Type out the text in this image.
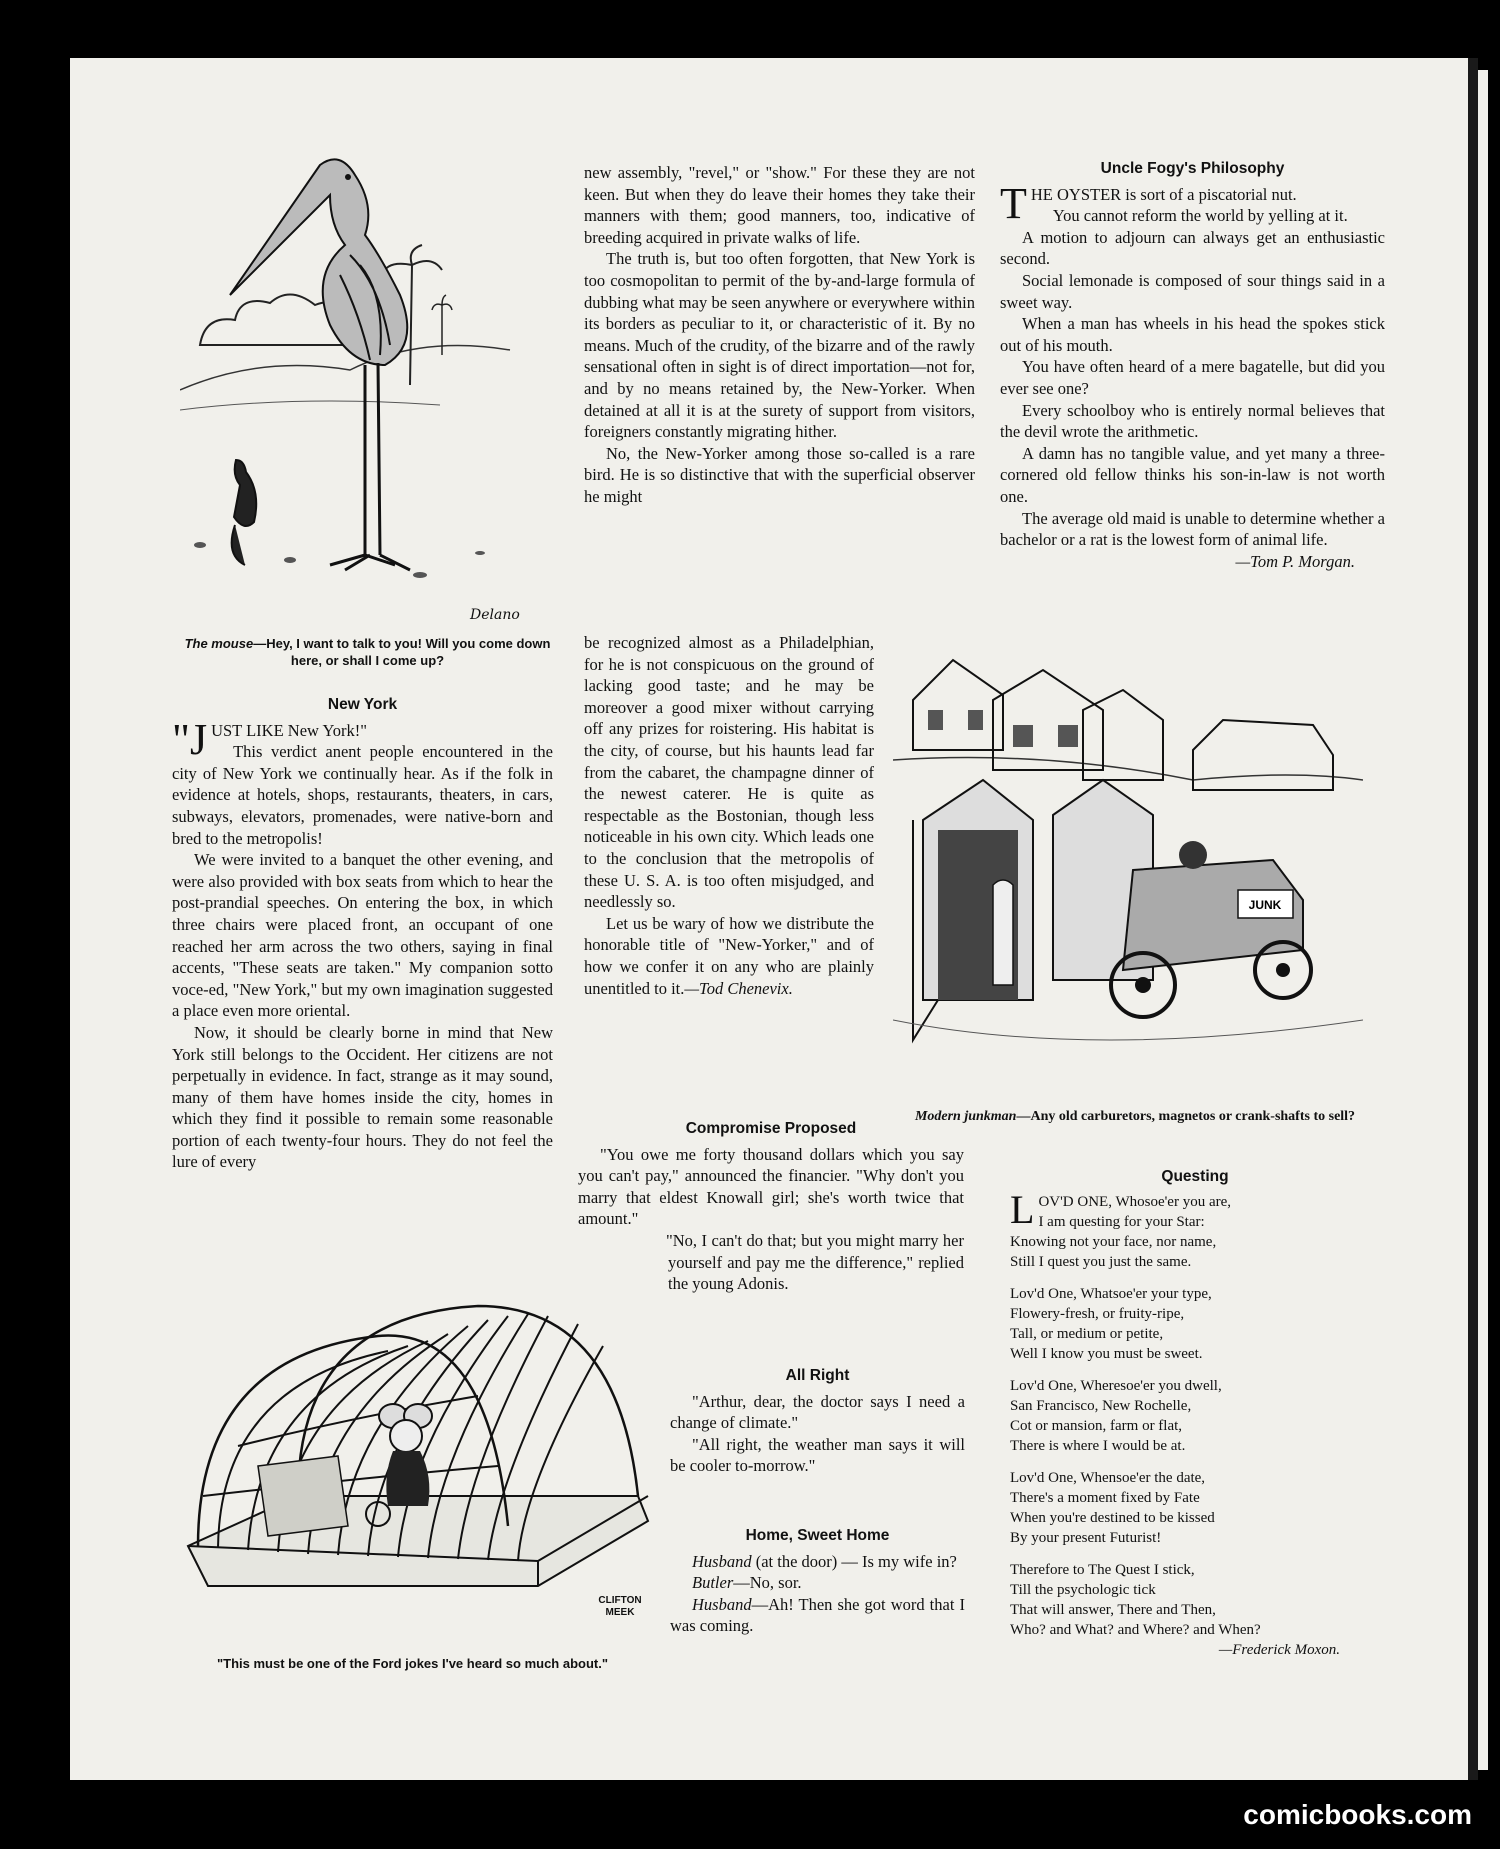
Delano
The mouse—Hey, I want to talk to you! Will you come down here, or shall I come up?
New York

"JUST LIKE New York!"

This verdict anent people encountered in the city of New York we continually hear. As if the folk in evidence at hotels, shops, restaurants, theaters, in cars, subways, elevators, promenades, were native-born and bred to the metropolis!

We were invited to a banquet the other evening, and were also provided with box seats from which to hear the post-prandial speeches. On entering the box, in which three chairs were placed front, an occupant of one reached her arm across the two others, saying in final accents, "These seats are taken." My companion sotto voce-ed, "New York," but my own imagination suggested a place even more oriental.

Now, it should be clearly borne in mind that New York still belongs to the Occident. Her citizens are not perpetually in evidence. In fact, strange as it may sound, many of them have homes inside the city, homes in which they find it possible to remain some reasonable portion of each twenty-four hours. They do not feel the lure of every

CLIFTON MEEK
"This must be one of the Ford jokes I've heard so much about."

new assembly, "revel," or "show." For these they are not keen. But when they do leave their homes they take their manners with them; good manners, too, indicative of breeding acquired in private walks of life.

The truth is, but too often forgotten, that New York is too cosmopolitan to permit of the by-and-large formula of dubbing what may be seen anywhere or everywhere within its borders as peculiar to it, or characteristic of it. By no means. Much of the crudity, of the bizarre and of the rawly sensational often in sight is of direct importation—not for, and by no means retained by, the New-Yorker. When detained at all it is at the surety of support from visitors, foreigners constantly migrating hither.

No, the New-Yorker among those so-called is a rare bird. He is so distinctive that with the superficial observer he might

be recognized almost as a Philadelphian, for he is not conspicuous on the ground of lacking good taste; and he may be moreover a good mixer without carrying off any prizes for roistering. His habitat is the city, of course, but his haunts lead far from the cabaret, the champagne dinner of the newest caterer. He is quite as respectable as the Bostonian, though less noticeable in his own city. Which leads one to the conclusion that the metropolis of these U. S. A. is too often misjudged, and needlessly so.

Let us be wary of how we distribute the honorable title of "New-Yorker," and of how we confer it on any who are plainly unentitled to it.—Tod Chenevix.

Compromise Proposed

"You owe me forty thousand dollars which you say you can't pay," announced the financier. "Why don't you marry that eldest Knowall girl; she's worth twice that amount."

"No, I can't do that; but you might marry her yourself and pay me the difference," replied the young Adonis.

All Right

"Arthur, dear, the doctor says I need a change of climate."

"All right, the weather man says it will be cooler to-morrow."

Home, Sweet Home

Husband (at the door) — Is my wife in?

Butler—No, sor.

Husband—Ah! Then she got word that I was coming.

Uncle Fogy's Philosophy

THE OYSTER is sort of a piscatorial nut.

You cannot reform the world by yelling at it.

A motion to adjourn can always get an enthusiastic second.

Social lemonade is composed of sour things said in a sweet way.

When a man has wheels in his head the spokes stick out of his mouth.

You have often heard of a mere bagatelle, but did you ever see one?

Every schoolboy who is entirely normal believes that the devil wrote the arithmetic.

A damn has no tangible value, and yet many a three-cornered old fellow thinks his son-in-law is not worth one.

The average old maid is unable to determine whether a bachelor or a rat is the lowest form of animal life.

—Tom P. Morgan.
JUNK
Modern junkman—Any old carburetors, magnetos or crank-shafts to sell?
Questing

LOV'D ONE, Whosoe'er you are,

I am questing for your Star:

Knowing not your face, nor name,

Still I quest you just the same.

Lov'd One, Whatsoe'er your type,

Flowery-fresh, or fruity-ripe,

Tall, or medium or petite,

Well I know you must be sweet.

Lov'd One, Wheresoe'er you dwell,

San Francisco, New Rochelle,

Cot or mansion, farm or flat,

There is where I would be at.

Lov'd One, Whensoe'er the date,

There's a moment fixed by Fate

When you're destined to be kissed

By your present Futurist!

Therefore to The Quest I stick,

Till the psychologic tick

That will answer, There and Then,

Who? and What? and Where? and When?

—Frederick Moxon.
comicbooks.com
